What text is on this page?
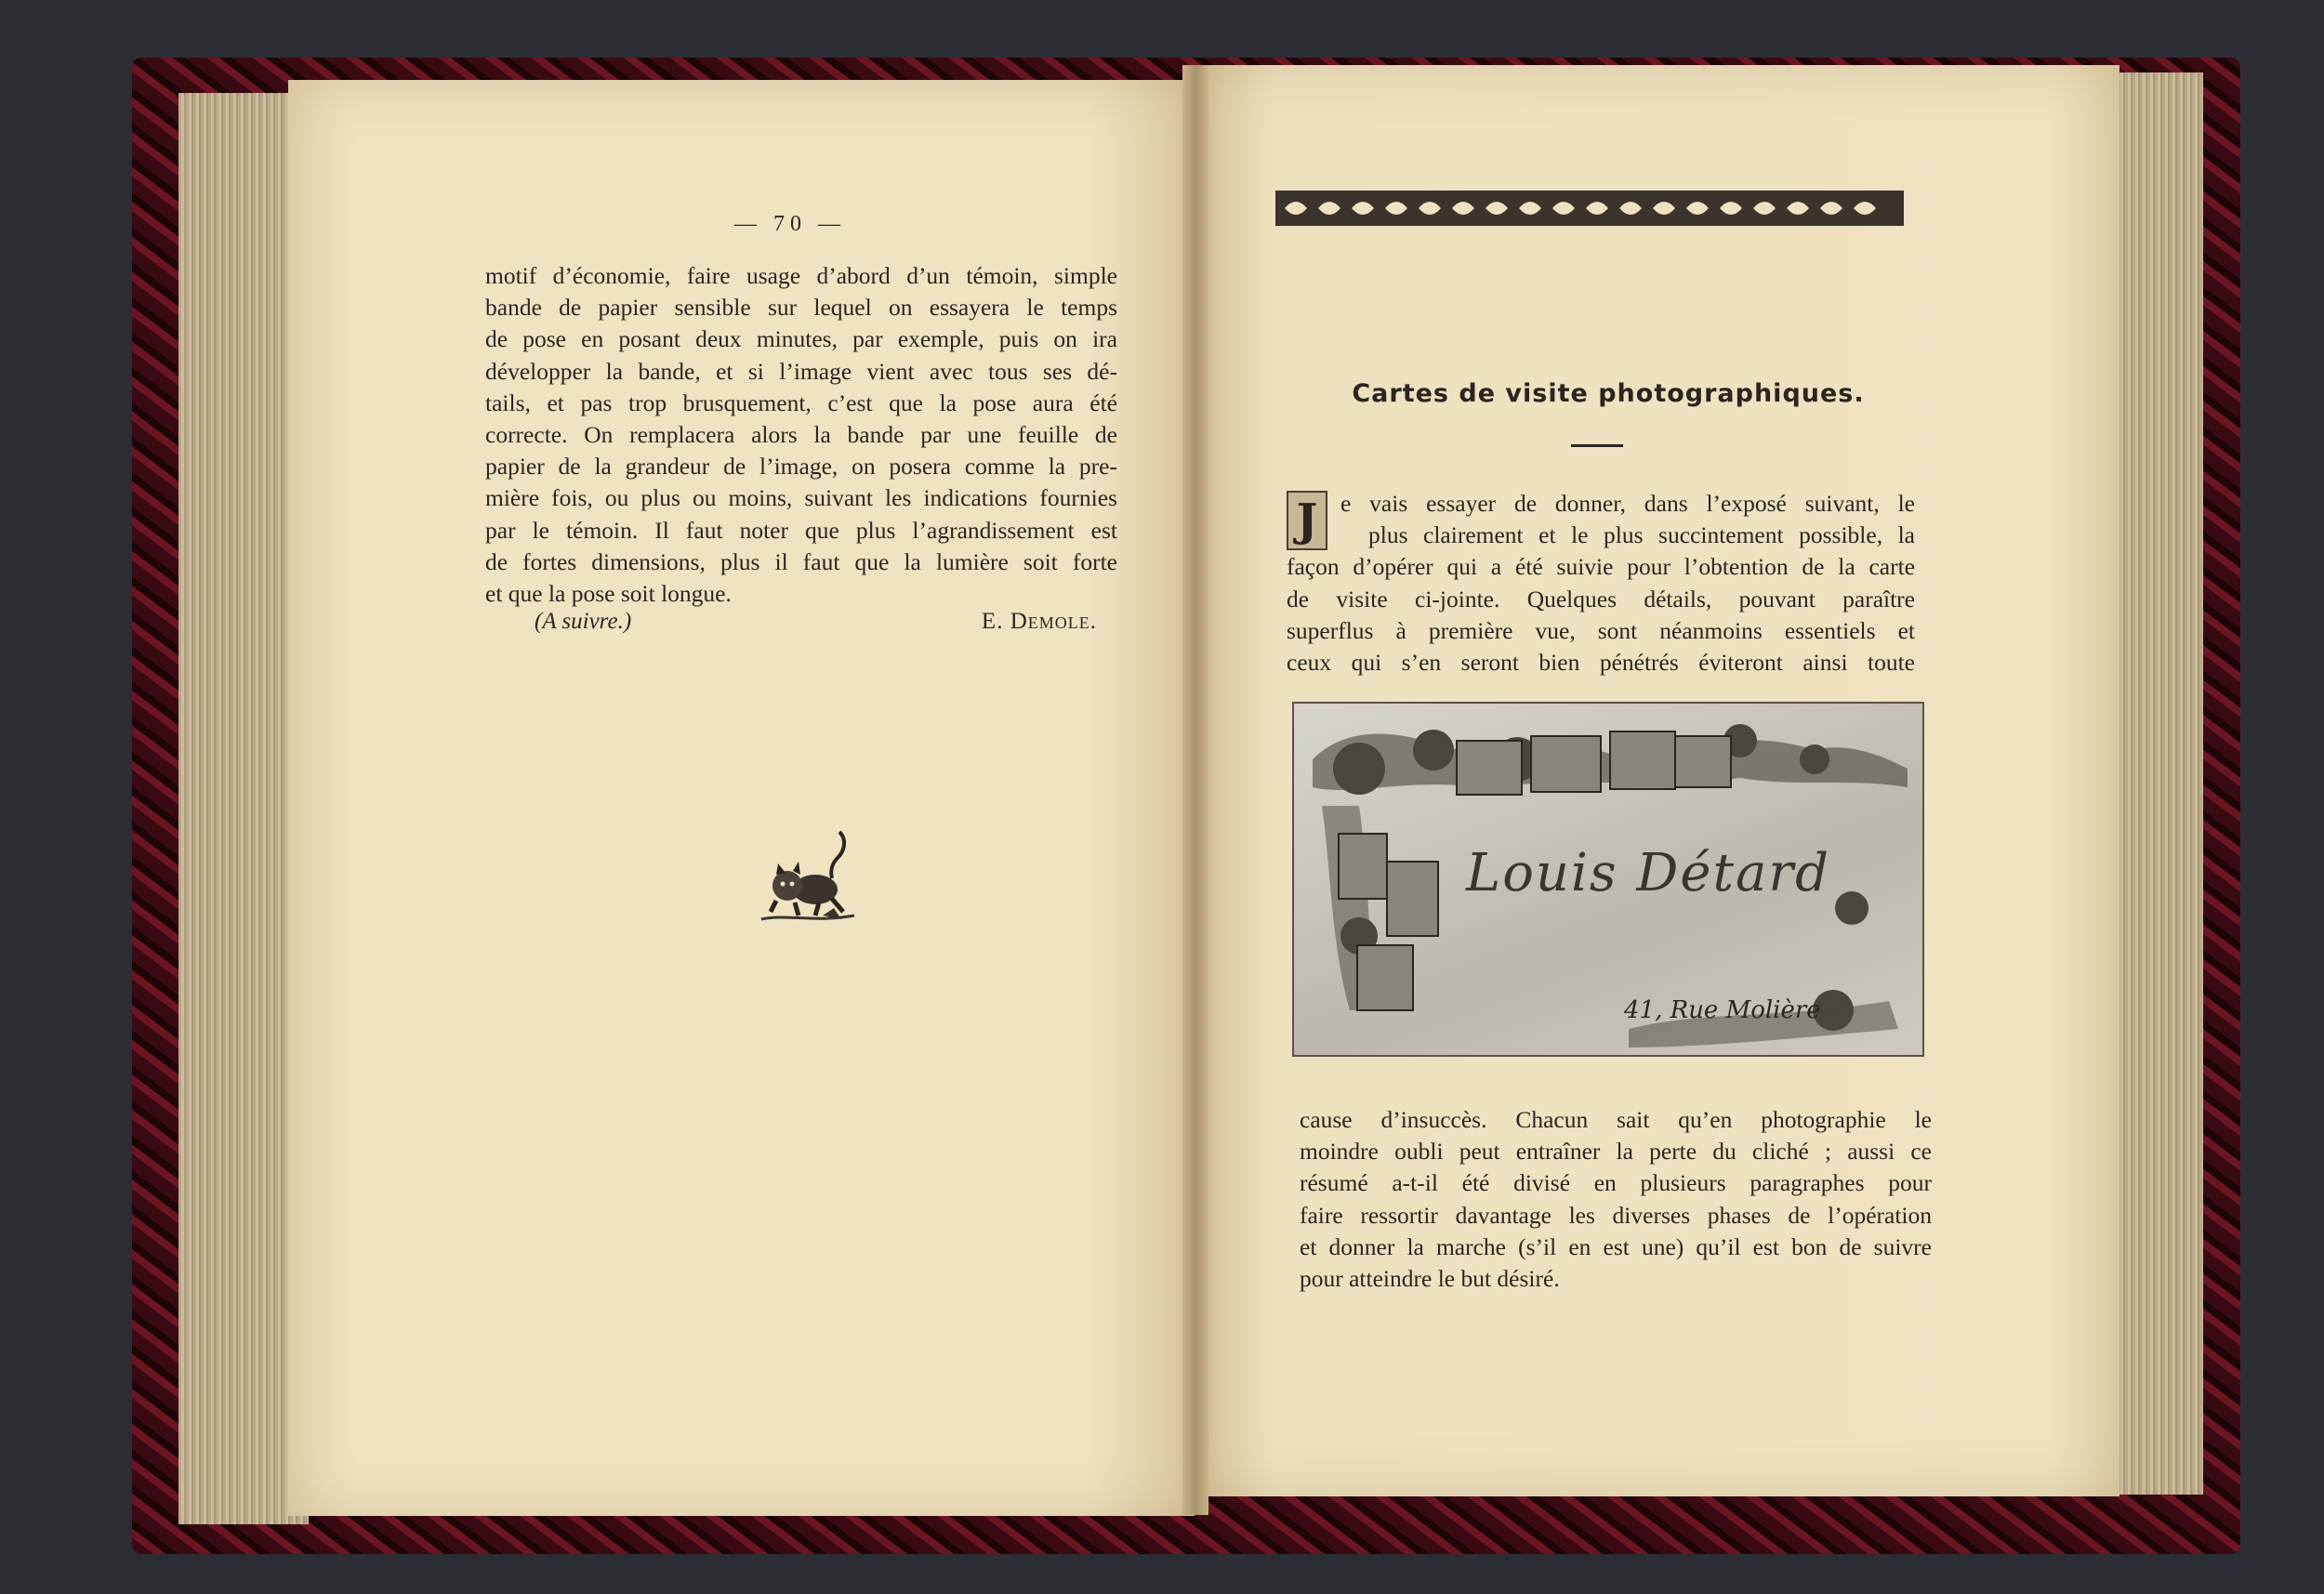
— 70 —
motif d’économie, faire usage d’abord d’un témoin, simple
bande de papier sensible sur lequel on essayera le temps
de pose en posant deux minutes, par exemple, puis on ira
développer la bande, et si l’image vient avec tous ses dé-
tails, et pas trop brusquement, c’est que la pose aura été
correcte. On remplacera alors la bande par une feuille de
papier de la grandeur de l’image, on posera comme la pre-
mière fois, ou plus ou moins, suivant les indications fournies
par le témoin. Il faut noter que plus l’agrandissement est
de fortes dimensions, plus il faut que la lumière soit forte
et que la pose soit longue.
(A suivre.)	E. Demole.
Cartes de visite photographiques.
J e vais essayer de donner, dans l’exposé suivant, le
plus clairement et le plus succintement possible, la
façon d’opérer qui a été suivie pour l’obtention de la carte
de visite ci-jointe. Quelques détails, pouvant paraître
superflus à première vue, sont néanmoins essentiels et
ceux qui s’en seront bien pénétrés éviteront ainsi toute
Louis Détard
41, Rue Molière
cause d’insuccès. Chacun sait qu’en photographie le
moindre oubli peut entraîner la perte du cliché ; aussi ce
résumé a-t-il été divisé en plusieurs paragraphes pour
faire ressortir davantage les diverses phases de l’opération
et donner la marche (s’il en est une) qu’il est bon de suivre
pour atteindre le but désiré.
